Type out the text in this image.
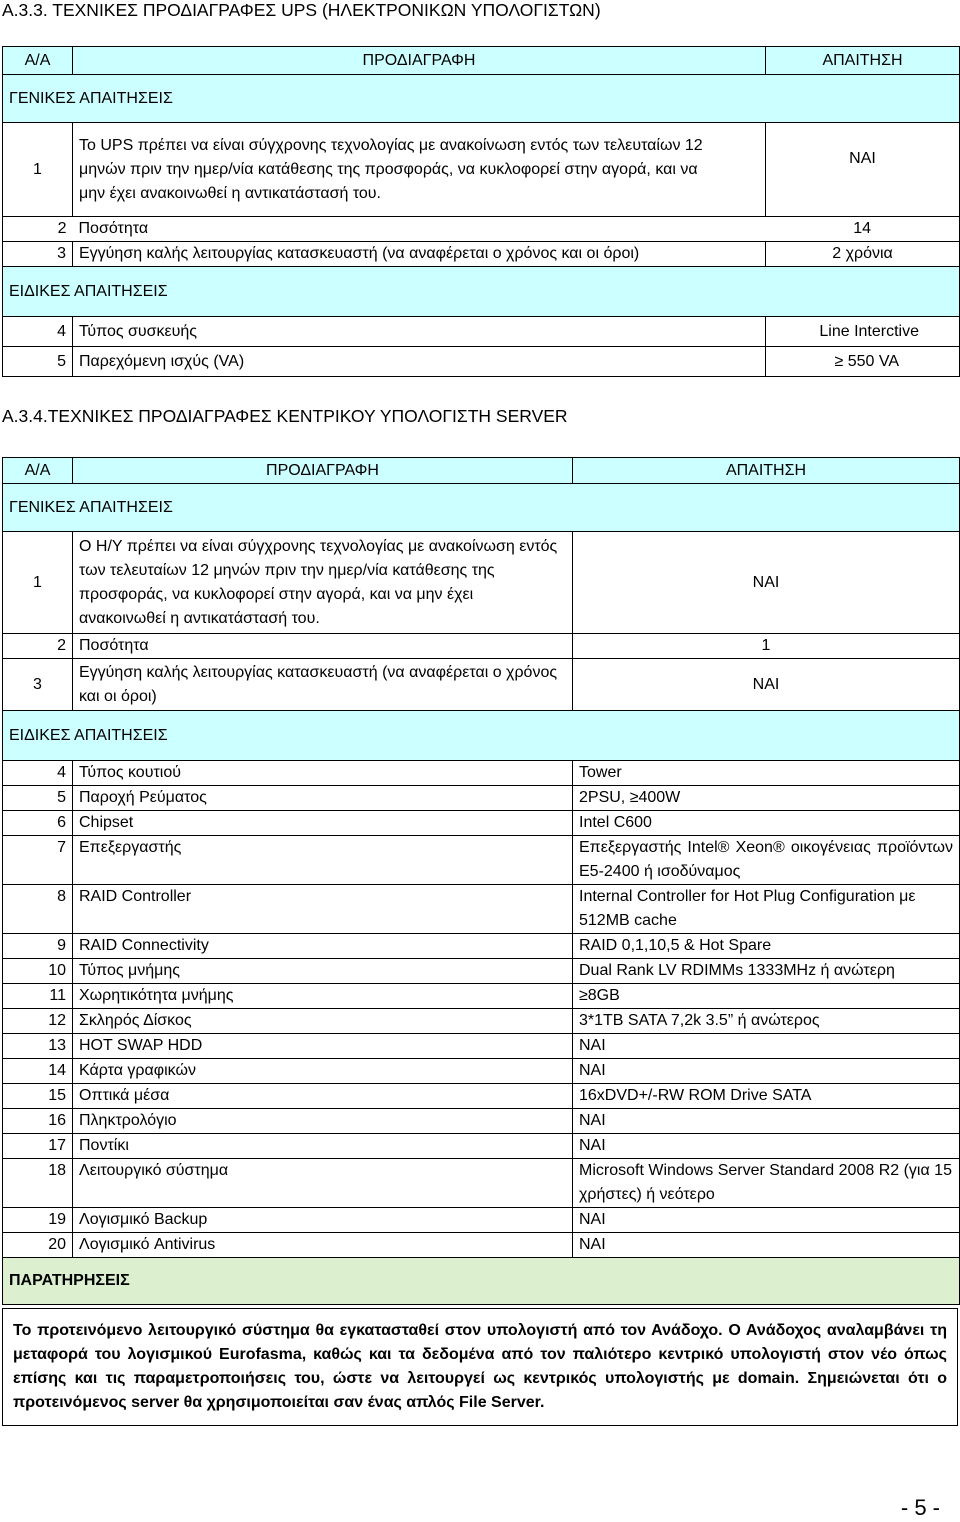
Α.3.3. ΤΕΧΝΙΚΕΣ ΠΡΟΔΙΑΓΡΑΦΕΣ UPS (ΗΛΕΚΤΡΟΝΙΚΩΝ ΥΠΟΛΟΓΙΣΤΩΝ)
Α/Α	ΠΡΟΔΙΑΓΡΑΦΗ	ΑΠΑΙΤΗΣΗ
ΓΕΝΙΚΕΣ ΑΠΑΙΤΗΣΕΙΣ		
1	Το UPS πρέπει να είναι σύγχρονης τεχνολογίας με ανακοίνωση εντός των τελευταίων 12 μηνών πριν την ημερ/νία κατάθεσης της προσφοράς, να κυκλοφορεί στην αγορά, και να μην έχει ανακοινωθεί η αντικατάστασή του.	ΝΑΙ
2	Ποσότητα	14
3	Εγγύηση καλής λειτουργίας κατασκευαστή (να αναφέρεται ο χρόνος και οι όροι)	2 χρόνια
ΕΙΔΙΚΕΣ ΑΠΑΙΤΗΣΕΙΣ		
4	Τύπος συσκευής	Line Interctive
5	Παρεχόμενη ισχύς (VA)	≥ 550 VA
Α.3.4.ΤΕΧΝΙΚΕΣ ΠΡΟΔΙΑΓΡΑΦΕΣ ΚΕΝΤΡΙΚΟΥ ΥΠΟΛΟΓΙΣΤΗ SERVER
Α/Α	ΠΡΟΔΙΑΓΡΑΦΗ	ΑΠΑΙΤΗΣΗ
ΓΕΝΙΚΕΣ ΑΠΑΙΤΗΣΕΙΣ		
1	Ο Η/Υ πρέπει να είναι σύγχρονης τεχνολογίας με ανακοίνωση εντός των τελευταίων 12 μηνών πριν την ημερ/νία κατάθεσης της προσφοράς, να κυκλοφορεί στην αγορά, και να μην έχει ανακοινωθεί η αντικατάστασή του.	ΝΑΙ
2	Ποσότητα	1
3	Εγγύηση καλής λειτουργίας κατασκευαστή (να αναφέρεται ο χρόνος και οι όροι)	ΝΑΙ
ΕΙΔΙΚΕΣ ΑΠΑΙΤΗΣΕΙΣ		
4	Τύπος κουτιού	Tower
5	Παροχή Ρεύματος	2PSU, ≥400W
6	Chipset	Intel C600
7	Επεξεργαστής	Επεξεργαστής Intel® Xeon® οικογένειας προϊόντων E5-2400 ή ισοδύναμος
8	RAID Controller	Internal Controller for Hot Plug Configuration με 512MB cache
9	RAID Connectivity	RAID 0,1,10,5 & Hot Spare
10	Τύπος μνήμης	Dual Rank LV RDIMMs 1333MHz ή ανώτερη
11	Χωρητικότητα μνήμης	≥8GB
12	Σκληρός Δίσκος	3*1TB SATA 7,2k 3.5” ή ανώτερος
13	HOT SWAP HDD	ΝΑΙ
14	Κάρτα γραφικών	ΝΑΙ
15	Οπτικά μέσα	16xDVD+/-RW ROM Drive SATA
16	Πληκτρολόγιο	ΝΑΙ
17	Ποντίκι	ΝΑΙ
18	Λειτουργικό σύστημα	Microsoft Windows Server Standard 2008 R2 (για 15 χρήστες) ή νεότερο
19	Λογισμικό Backup	ΝΑΙ
20	Λογισμικό Antivirus	ΝΑΙ
ΠΑΡΑΤΗΡΗΣΕΙΣ		
Το προτεινόμενο λειτουργικό σύστημα θα εγκατασταθεί στον υπολογιστή από τον Ανάδοχο. Ο Ανάδοχος αναλαμβάνει τη μεταφορά του λογισμικού Eurofasma, καθώς και τα δεδομένα από τον παλιότερο κεντρικό υπολογιστή στον νέο όπως επίσης και τις παραμετροποιήσεις του, ώστε να λειτουργεί ως κεντρικός υπολογιστής με domain. Σημειώνεται ότι ο προτεινόμενος server θα χρησιμοποιείται σαν ένας απλός File Server.
- 5 -
